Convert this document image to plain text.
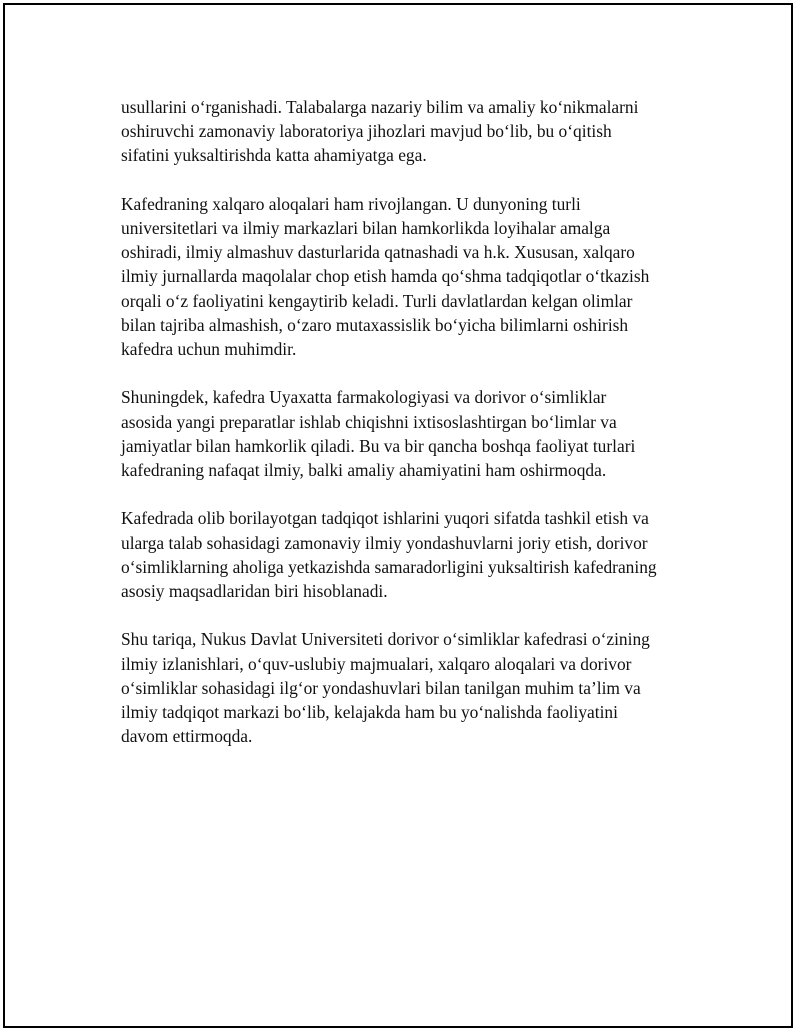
usullarini o‘rganishadi. Talabalarga nazariy bilim va amaliy ko‘nikmalarni
oshiruvchi zamonaviy laboratoriya jihozlari mavjud bo‘lib, bu o‘qitish
sifatini yuksaltirishda katta ahamiyatga ega.

Kafedraning xalqaro aloqalari ham rivojlangan. U dunyoning turli
universitetlari va ilmiy markazlari bilan hamkorlikda loyihalar amalga
oshiradi, ilmiy almashuv dasturlarida qatnashadi va h.k. Xususan, xalqaro
ilmiy jurnallarda maqolalar chop etish hamda qo‘shma tadqiqotlar o‘tkazish
orqali o‘z faoliyatini kengaytirib keladi. Turli davlatlardan kelgan olimlar
bilan tajriba almashish, o‘zaro mutaxassislik bo‘yicha bilimlarni oshirish
kafedra uchun muhimdir.

Shuningdek, kafedra Uyaxatta farmakologiyasi va dorivor o‘simliklar
asosida yangi preparatlar ishlab chiqishni ixtisoslashtirgan bo‘limlar va
jamiyatlar bilan hamkorlik qiladi. Bu va bir qancha boshqa faoliyat turlari
kafedraning nafaqat ilmiy, balki amaliy ahamiyatini ham oshirmoqda.

Kafedrada olib borilayotgan tadqiqot ishlarini yuqori sifatda tashkil etish va
ularga talab sohasidagi zamonaviy ilmiy yondashuvlarni joriy etish, dorivor
o‘simliklarning aholiga yetkazishda samaradorligini yuksaltirish kafedraning
asosiy maqsadlaridan biri hisoblanadi.

Shu tariqa, Nukus Davlat Universiteti dorivor o‘simliklar kafedrasi o‘zining
ilmiy izlanishlari, o‘quv-uslubiy majmualari, xalqaro aloqalari va dorivor
o‘simliklar sohasidagi ilg‘or yondashuvlari bilan tanilgan muhim ta’lim va
ilmiy tadqiqot markazi bo‘lib, kelajakda ham bu yo‘nalishda faoliyatini
davom ettirmoqda.
